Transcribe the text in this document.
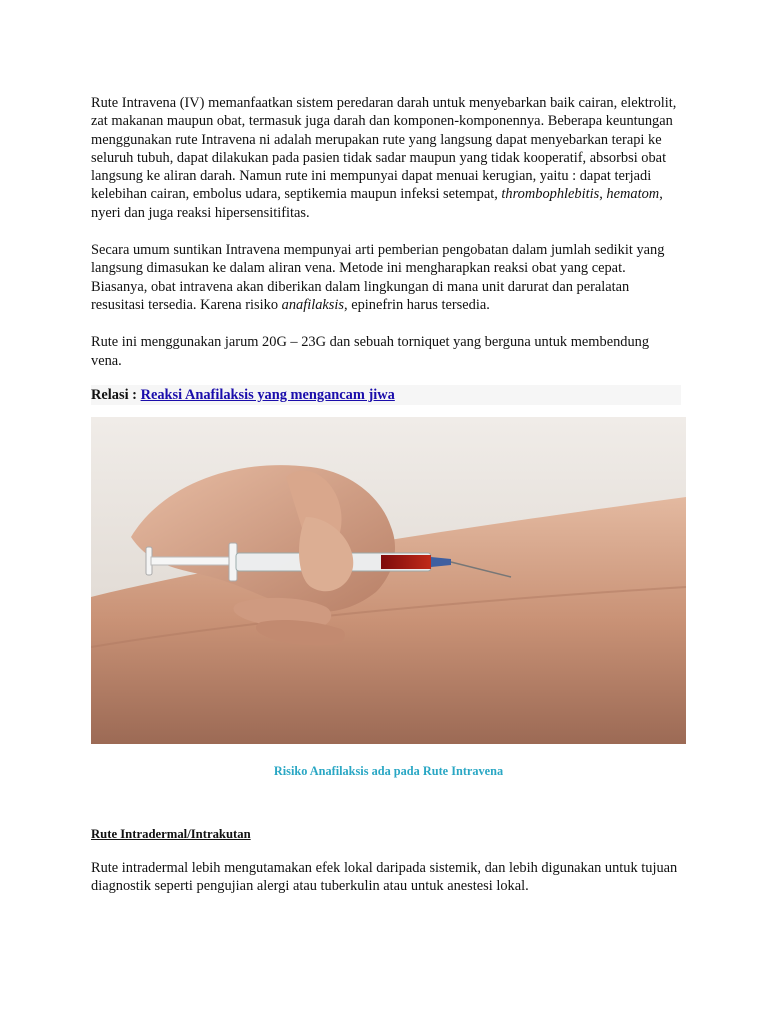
Rute Intravena (IV) memanfaatkan sistem peredaran darah untuk menyebarkan baik cairan, elektrolit, zat makanan maupun obat, termasuk juga darah dan komponen-komponennya. Beberapa keuntungan menggunakan rute Intravena ni adalah merupakan rute yang langsung dapat menyebarkan terapi ke seluruh tubuh, dapat dilakukan pada pasien tidak sadar maupun yang tidak kooperatif, absorbsi obat langsung ke aliran darah. Namun rute ini mempunyai dapat menuai kerugian, yaitu : dapat terjadi kelebihan cairan, embolus udara, septikemia maupun infeksi setempat, thrombophlebitis, hematom, nyeri dan juga reaksi hipersensitifitas.

Secara umum suntikan Intravena mempunyai arti pemberian pengobatan dalam jumlah sedikit yang langsung dimasukan ke dalam aliran vena. Metode ini mengharapkan reaksi obat yang cepat. Biasanya, obat intravena akan diberikan dalam lingkungan di mana unit darurat dan peralatan resusitasi tersedia. Karena risiko anafilaksis, epinefrin harus tersedia.

Rute ini menggunakan jarum 20G – 23G dan sebuah torniquet yang berguna untuk membendung vena.

Relasi : Reaksi Anafilaksis yang mengancam jiwa
Risiko Anafilaksis ada pada Rute Intravena
Rute Intradermal/Intrakutan

Rute intradermal lebih mengutamakan efek lokal daripada sistemik, dan lebih digunakan untuk tujuan diagnostik seperti pengujian alergi atau tuberkulin atau untuk anestesi lokal.
